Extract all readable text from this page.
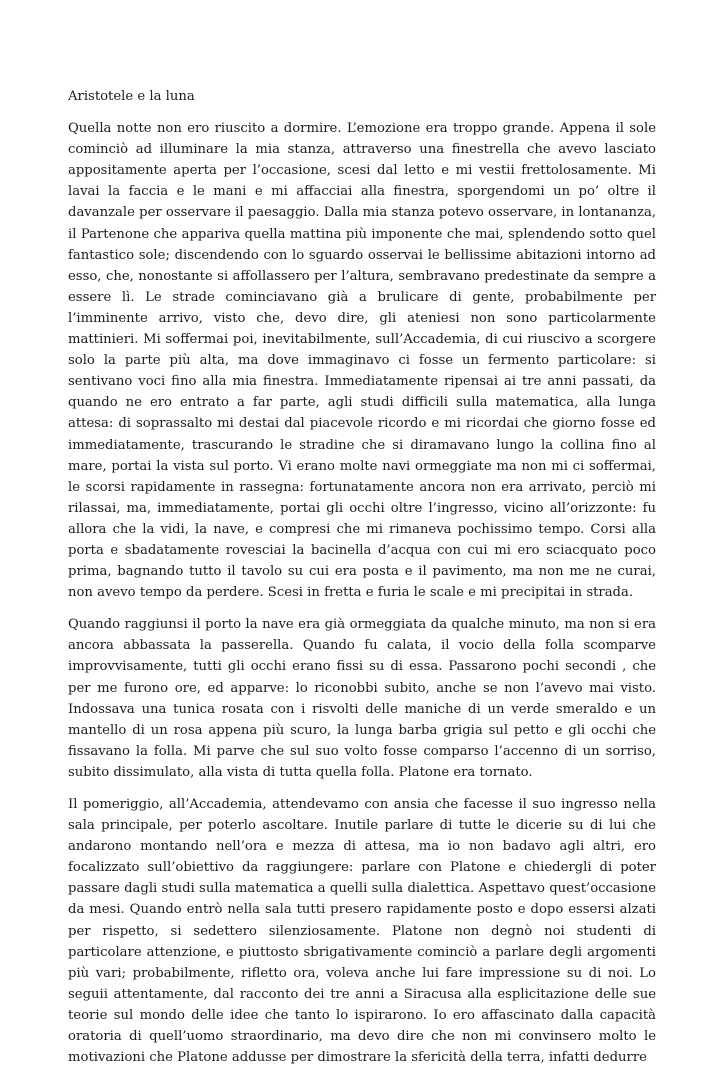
Aristotele e la luna

Quella notte non ero riuscito a dormire. L’emozione era troppo grande. Appena il sole cominciò ad illuminare la mia stanza, attraverso una finestrella che avevo lasciato appositamente aperta per l’occasione, scesi dal letto e mi vestii frettolosamente. Mi lavai la faccia e le mani e mi affacciai alla finestra, sporgendomi un po’ oltre il davanzale per osservare il paesaggio. Dalla mia stanza potevo osservare, in lontananza, il Partenone che appariva quella mattina più imponente che mai, splendendo sotto quel fantastico sole; discendendo con lo sguardo osservai le bellissime abitazioni intorno ad esso, che, nonostante si affollassero per l’altura, sembravano predestinate da sempre a essere lì. Le strade cominciavano già a brulicare di gente, probabilmente per l’imminente arrivo, visto che, devo dire, gli ateniesi non sono particolarmente mattinieri. Mi soffermai poi, inevitabilmente, sull’Accademia, di cui riuscivo a scorgere solo la parte più alta, ma dove immaginavo ci fosse un fermento particolare: si sentivano voci fino alla mia finestra. Immediatamente ripensai ai tre anni passati, da quando ne ero entrato a far parte, agli studi difficili sulla matematica, alla lunga attesa: di soprassalto mi destai dal piacevole ricordo e mi ricordai che giorno fosse ed immediatamente, trascurando le stradine che si diramavano lungo la collina fino al mare, portai la vista sul porto. Vi erano molte navi ormeggiate ma non mi ci soffermai, le scorsi rapidamente in rassegna: fortunatamente ancora non era arrivato, perciò mi rilassai, ma, immediatamente, portai gli occhi oltre l’ingresso, vicino all’orizzonte: fu allora che la vidi, la nave, e compresi che mi rimaneva pochissimo tempo. Corsi alla porta e sbadatamente rovesciai la bacinella d’acqua con cui mi ero sciacquato poco prima, bagnando tutto il tavolo su cui era posta e il pavimento, ma non me ne curai, non avevo tempo da perdere. Scesi in fretta e furia le scale e mi precipitai in strada.

Quando raggiunsi il porto la nave era già ormeggiata da qualche minuto, ma non si era ancora abbassata la passerella. Quando fu calata, il vocio della folla scomparve improvvisamente, tutti gli occhi erano fissi su di essa. Passarono pochi secondi , che per me furono ore, ed apparve: lo riconobbi subito, anche se non l’avevo mai visto. Indossava una tunica rosata con i risvolti delle maniche di un verde smeraldo e un mantello di un rosa appena più scuro, la lunga barba grigia sul petto e gli occhi che fissavano la folla. Mi parve che sul suo volto fosse comparso l’accenno di un sorriso, subito dissimulato, alla vista di tutta quella folla. Platone era tornato.

Il pomeriggio, all’Accademia, attendevamo con ansia che facesse il suo ingresso nella sala principale, per poterlo ascoltare. Inutile parlare di tutte le dicerie su di lui che andarono montando nell’ora e mezza di attesa, ma io non badavo agli altri, ero focalizzato sull’obiettivo da raggiungere: parlare con Platone e chiedergli di poter passare dagli studi sulla matematica a quelli sulla dialettica. Aspettavo quest’occasione da mesi. Quando entrò nella sala tutti presero rapidamente posto e dopo essersi alzati per rispetto, si sedettero silenziosamente. Platone non degnò noi studenti di particolare attenzione, e piuttosto sbrigativamente cominciò a parlare degli argomenti più vari; probabilmente, rifletto ora, voleva anche lui fare impressione su di noi. Lo seguii attentamente, dal racconto dei tre anni a Siracusa alla esplicitazione delle sue teorie sul mondo delle idee che tanto lo ispirarono. Io ero affascinato dalla capacità oratoria di quell’uomo straordinario, ma devo dire che non mi convinsero molto le motivazioni che Platone addusse per dimostrare la sfericità della terra, infatti dedurre
